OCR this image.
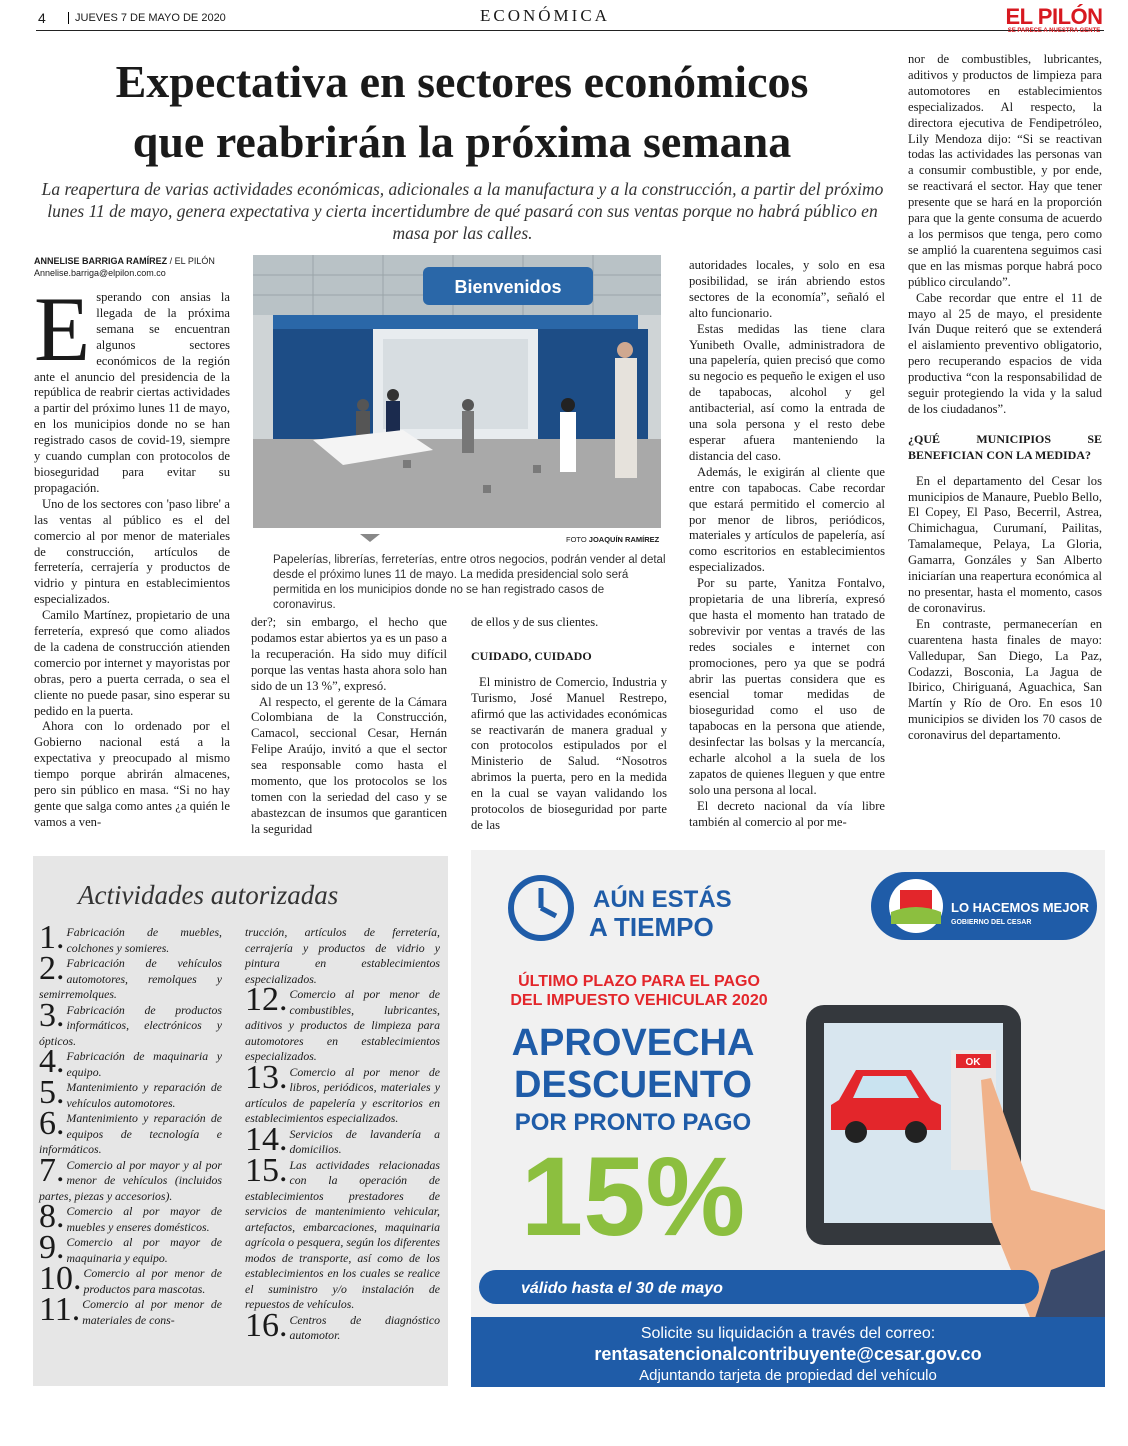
4	JUEVES 7 DE MAYO DE 2020	ECONÓMICA	EL PILÓN
SE PARECE A NUESTRA GENTE
Expectativa en sectores económicos
que reabrirán la próxima semana
La reapertura de varias actividades económicas, adicionales a la manufactura y a la construcción, a partir del próximo lunes 11 de mayo, genera expectativa y cierta incertidumbre de qué pasará con sus ventas porque no habrá público en masa por las calles.
ANNELISE BARRIGA RAMÍREZ / EL PILÓN
Annelise.barriga@elpilon.com.co
E sperando con ansias la llegada de la próxima semana se encuentran algunos sectores económicos de la región ante el anuncio del presidencia de la república de reabrir ciertas actividades a partir del próximo lunes 11 de mayo, en los municipios donde no se han registrado casos de covid-19, siempre y cuando cumplan con protocolos de bioseguridad para evitar su propagación.

Uno de los sectores con 'paso libre' a las ventas al público es el del comercio al por menor de materiales de construcción, artículos de ferretería, cerrajería y productos de vidrio y pintura en establecimientos especializados.

Camilo Martínez, propietario de una ferretería, expresó que como aliados de la cadena de construcción atienden comercio por internet y mayoristas por obras, pero a puerta cerrada, o sea el cliente no puede pasar, sino esperar su pedido en la puerta.

Ahora con lo ordenado por el Gobierno nacional está a la expectativa y preocupado al mismo tiempo porque abrirán almacenes, pero sin público en masa. “Si no hay gente que salga como antes ¿a quién le vamos a ven-

Bienvenidos
FOTO JOAQUÍN RAMÍREZ
Papelerías, librerías, ferreterías, entre otros negocios, podrán vender al detal desde el próximo lunes 11 de mayo. La medida presidencial solo será permitida en los municipios donde no se han registrado casos de coronavirus.

der?; sin embargo, el hecho que podamos estar abiertos ya es un paso a la recuperación. Ha sido muy difícil porque las ventas hasta ahora solo han sido de un 13 %”, expresó.

Al respecto, el gerente de la Cámara Colombiana de la Construcción, Camacol, seccional Cesar, Hernán Felipe Araújo, invitó a que el sector sea responsable como hasta el momento, que los protocolos se los tomen con la seriedad del caso y se abastezcan de insumos que garanticen la seguridad

de ellos y de sus clientes.

CUIDADO, CUIDADO

El ministro de Comercio, Industria y Turismo, José Manuel Restrepo, afirmó que las actividades económicas se reactivarán de manera gradual y con protocolos estipulados por el Ministerio de Salud. “Nosotros abrimos la puerta, pero en la medida en la cual se vayan validando los protocolos de bioseguridad por parte de las

autoridades locales, y solo en esa posibilidad, se irán abriendo estos sectores de la economía”, señaló el alto funcionario.

Estas medidas las tiene clara Yunibeth Ovalle, administradora de una papelería, quien precisó que como su negocio es pequeño le exigen el uso de tapabocas, alcohol y gel antibacterial, así como la entrada de una sola persona y el resto debe esperar afuera manteniendo la distancia del caso.

Además, le exigirán al cliente que entre con tapabocas. Cabe recordar que estará permitido el comercio al por menor de libros, periódicos, materiales y artículos de papelería, así como escritorios en establecimientos especializados.

Por su parte, Yanitza Fontalvo, propietaria de una librería, expresó que hasta el momento han tratado de sobrevivir por ventas a través de las redes sociales e internet con promociones, pero ya que se podrá abrir las puertas considera que es esencial tomar medidas de bioseguridad como el uso de tapabocas en la persona que atiende, desinfectar las bolsas y la mercancía, echarle alcohol a la suela de los zapatos de quienes lleguen y que entre solo una persona al local.

El decreto nacional da vía libre también al comercio al por me-

nor de combustibles, lubricantes, aditivos y productos de limpieza para automotores en establecimientos especializados. Al respecto, la directora ejecutiva de Fendipetróleo, Lily Mendoza dijo: “Si se reactivan todas las actividades las personas van a consumir combustible, y por ende, se reactivará el sector. Hay que tener presente que se hará en la proporción para que la gente consuma de acuerdo a los permisos que tenga, pero como se amplió la cuarentena seguimos casi que en las mismas porque habrá poco público circulando”.

Cabe recordar que entre el 11 de mayo al 25 de mayo, el presidente Iván Duque reiteró que se extenderá el aislamiento preventivo obligatorio, pero recuperando espacios de vida productiva “con la responsabilidad de seguir protegiendo la vida y la salud de los ciudadanos”.

¿QUÉ MUNICIPIOS SE BENEFICIAN CON LA MEDIDA?

En el departamento del Cesar los municipios de Manaure, Pueblo Bello, El Copey, El Paso, Becerril, Astrea, Chimichagua, Curumaní, Pailitas, Tamalameque, Pelaya, La Gloria, Gamarra, Gonzáles y San Alberto iniciarían una reapertura económica al no presentar, hasta el momento, casos de coronavirus.

En contraste, permanecerían en cuarentena hasta finales de mayo: Valledupar, San Diego, La Paz, Codazzi, Bosconia, La Jagua de Ibirico, Chiriguaná, Aguachica, San Martín y Río de Oro. En esos 10 municipios se dividen los 70 casos de coronavirus del departamento.

Actividades autorizadas

1. Fabricación de muebles, colchones y somieres.

2. Fabricación de vehículos automotores, remolques y semirremolques.

3. Fabricación de productos informáticos, electrónicos y ópticos.

4. Fabricación de maquinaria y equipo.

5. Mantenimiento y reparación de vehículos automotores.

6. Mantenimiento y reparación de equipos de tecnología e informáticos.

7. Comercio al por mayor y al por menor de vehículos (incluidos partes, piezas y accesorios).

8. Comercio al por mayor de muebles y enseres domésticos.

9. Comercio al por mayor de maquinaria y equipo.

10. Comercio al por menor de productos para mascotas.

11. Comercio al por menor de materiales de cons-

trucción, artículos de ferretería, cerrajería y productos de vidrio y pintura en establecimientos especializados.

12. Comercio al por menor de combustibles, lubricantes, aditivos y productos de limpieza para automotores en establecimientos especializados.

13. Comercio al por menor de libros, periódicos, materiales y artículos de papelería y escritorios en establecimientos especializados.

14. Servicios de lavandería a domicilios.

15. Las actividades relacionadas con la operación de establecimientos prestadores de servicios de mantenimiento vehicular, artefactos, embarcaciones, maquinaria agrícola o pesquera, según los diferentes modos de transporte, así como de los establecimientos en los cuales se realice el suministro y/o instalación de repuestos de vehículos.

16. Centros de diagnóstico automotor.

AÚN ESTÁS
A TIEMPO
LO HACEMOS MEJOR
GOBIERNO DEL CESAR
ÚLTIMO PLAZO PARA EL PAGO
DEL IMPUESTO VEHICULAR 2020
APROVECHA
DESCUENTO
POR PRONTO PAGO
15%
OK
válido hasta el 30 de mayo
Solicite su liquidación a través del correo:
rentasatencionalcontribuyente@cesar.gov.co
Adjuntando tarjeta de propiedad del vehículo
